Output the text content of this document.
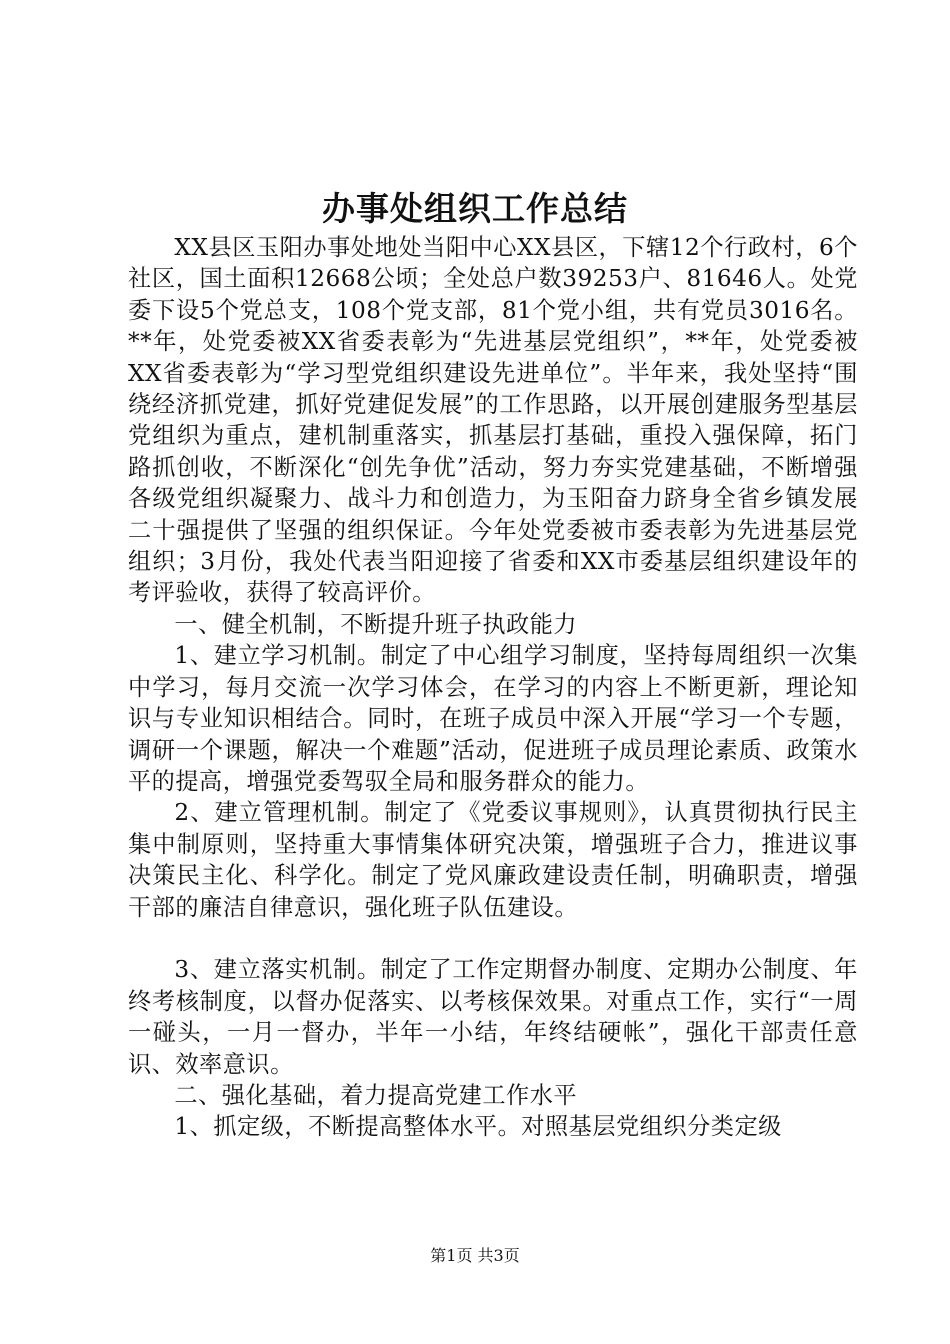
办事处组织工作总结

XX县区玉阳办事处地处当阳中心XX县区，下辖12个行政村，6个社区，国土面积12668公顷；全处总户数39253户、81646人。处党委下设5个党总支，108个党支部，81个党小组，共有党员3016名。**年，处党委被XX省委表彰为“先进基层党组织”，**年，处党委被XX省委表彰为“学习型党组织建设先进单位”。半年来，我处坚持“围绕经济抓党建，抓好党建促发展”的工作思路，以开展创建服务型基层党组织为重点，建机制重落实，抓基层打基础，重投入强保障，拓门路抓创收，不断深化“创先争优”活动，努力夯实党建基础，不断增强各级党组织凝聚力、战斗力和创造力，为玉阳奋力跻身全省乡镇发展二十强提供了坚强的组织保证。今年处党委被市委表彰为先进基层党组织；3月份，我处代表当阳迎接了省委和XX市委基层组织建设年的考评验收，获得了较高评价。

一、健全机制，不断提升班子执政能力

1、建立学习机制。制定了中心组学习制度，坚持每周组织一次集中学习，每月交流一次学习体会，在学习的内容上不断更新，理论知识与专业知识相结合。同时，在班子成员中深入开展“学习一个专题，调研一个课题，解决一个难题”活动，促进班子成员理论素质、政策水平的提高，增强党委驾驭全局和服务群众的能力。

2、建立管理机制。制定了《党委议事规则》，认真贯彻执行民主集中制原则，坚持重大事情集体研究决策，增强班子合力，推进议事决策民主化、科学化。制定了党风廉政建设责任制，明确职责，增强干部的廉洁自律意识，强化班子队伍建设。

3、建立落实机制。制定了工作定期督办制度、定期办公制度、年终考核制度，以督办促落实、以考核保效果。对重点工作，实行“一周一碰头，一月一督办，半年一小结，年终结硬帐”，强化干部责任意识、效率意识。

二、强化基础，着力提高党建工作水平

1、抓定级，不断提高整体水平。对照基层党组织分类定级

第1页 共3页
